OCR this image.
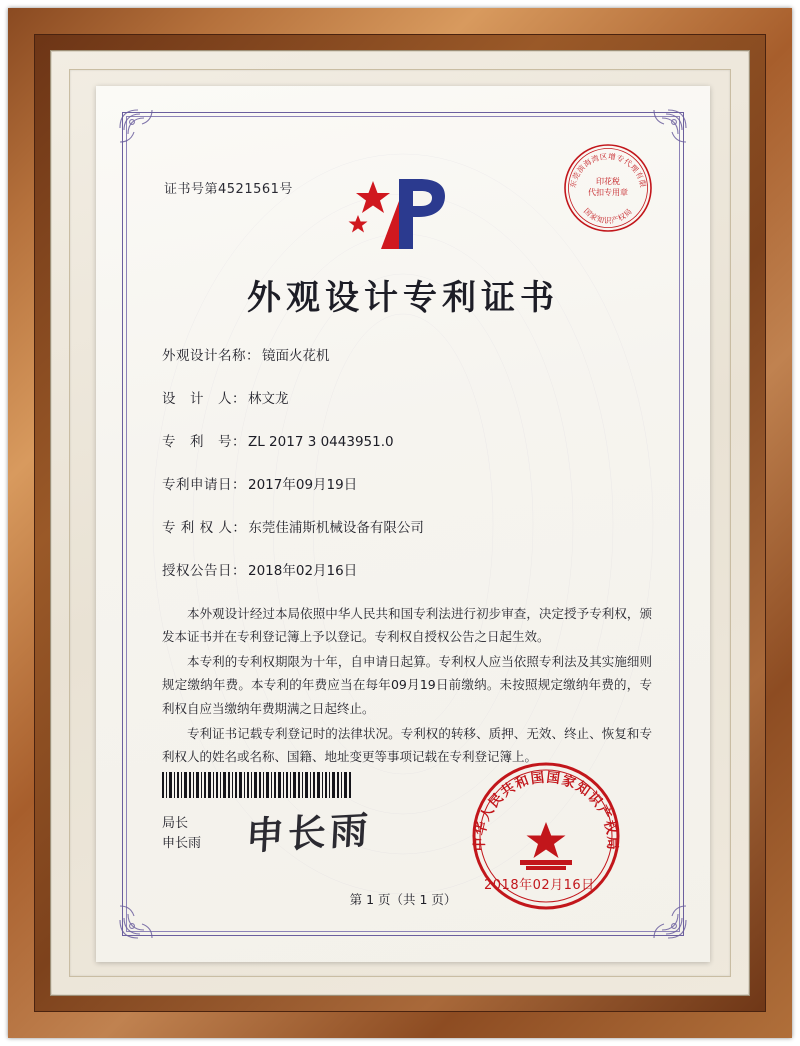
证书号第4521561号	东莞滨海湾区增专代理有限
印花税
代扣专用章
国家知识产权局
外观设计专利证书
外观设计名称： 镜面火花机
设　计　人： 林文龙
专　利　号： ZL 2017 3 0443951.0
专利申请日： 2017年09月19日
专 利 权 人： 东莞佳浦斯机械设备有限公司
授权公告日： 2018年02月16日

本外观设计经过本局依照中华人民共和国专利法进行初步审查，决定授予专利权，颁发本证书并在专利登记簿上予以登记。专利权自授权公告之日起生效。

本专利的专利权期限为十年，自申请日起算。专利权人应当依照专利法及其实施细则规定缴纳年费。本专利的年费应当在每年09月19日前缴纳。未按照规定缴纳年费的，专利权自应当缴纳年费期满之日起终止。

专利证书记载专利登记时的法律状况。专利权的转移、质押、无效、终止、恢复和专利权人的姓名或名称、国籍、地址变更等事项记载在专利登记簿上。

局长
申长雨 申长雨	中华人民共和国国家知识产权局
2018年02月16日
第 1 页（共 1 页）
